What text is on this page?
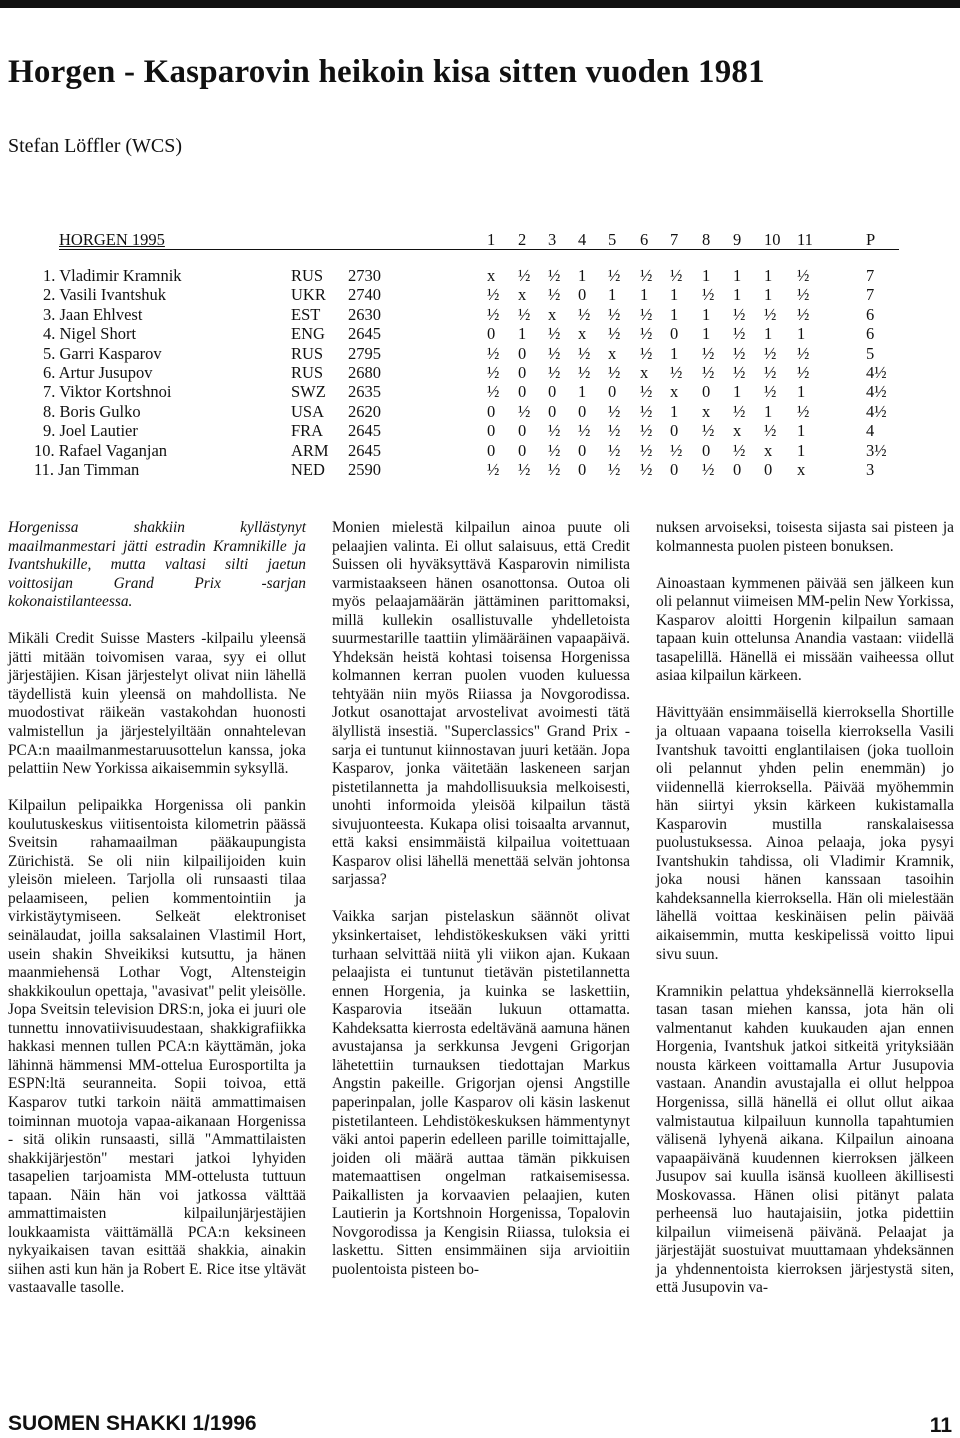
Horgen - Kasparovin heikoin kisa sitten vuoden 1981
Stefan Löffler (WCS)
HORGEN 1995	1 2 3 4 5 6 7 8 9 10 11	P
1. Vladimir Kramnik	RUS 2730	x ½ ½ 1 ½ ½ ½ 1 1 1 ½	7
2. Vasili Ivantshuk	UKR 2740	½ x ½ 0 1 1 1 ½ 1 1 ½	7
3. Jaan Ehlvest	EST 2630	½ ½ x ½ ½ ½ 1 1 ½ ½ ½	6
4. Nigel Short	ENG 2645	0 1 ½ x ½ ½ 0 1 ½ 1 1	6
5. Garri Kasparov	RUS 2795	½ 0 ½ ½ x ½ 1 ½ ½ ½ ½	5
6. Artur Jusupov	RUS 2680	½ 0 ½ ½ ½ x ½ ½ ½ ½ ½	4½
7. Viktor Kortshnoi	SWZ 2635	½ 0 0 1 0 ½ x 0 1 ½ 1	4½
8. Boris Gulko	USA 2620	0 ½ 0 0 ½ ½ 1 x ½ 1 ½	4½
9. Joel Lautier	FRA 2645	0 0 ½ ½ ½ ½ 0 ½ x ½ 1	4
10. Rafael Vaganjan	ARM 2645	0 0 ½ 0 ½ ½ ½ 0 ½ x 1	3½
11. Jan Timman	NED 2590	½ ½ ½ 0 ½ ½ 0 ½ 0 0 x	3

Horgenissa shakkiin kyllästynyt maailmanmestari jätti estradin Kramnikille ja Ivantshukille, mutta valtasi silti jaetun voittosijan Grand Prix -sarjan kokonaistilanteessa.

Mikäli Credit Suisse Masters -kilpailu yleensä jätti mitään toivomisen varaa, syy ei ollut järjestäjien. Kisan järjestelyt olivat niin lähellä täydellistä kuin yleensä on mahdollista. Ne muodostivat räikeän vastakohdan huonosti valmistellun ja järjestelyiltään onnahtelevan PCA:n maailmanmestaruusottelun kanssa, joka pelattiin New Yorkissa aikaisemmin syksyllä.

Kilpailun pelipaikka Horgenissa oli pankin koulutuskeskus viitisentoista kilometrin päässä Sveitsin rahamaailman pääkaupungista Zürichistä. Se oli niin kilpailijoiden kuin yleisön mieleen. Tarjolla oli runsaasti tilaa pelaamiseen, pelien kommentointiin ja virkistäytymiseen. Selkeät elektroniset seinälaudat, joilla saksalainen Vlastimil Hort, usein shakin Shveikiksi kutsuttu, ja hänen maanmiehensä Lothar Vogt, Altensteigin shakkikoulun opettaja, "avasivat" pelit yleisölle. Jopa Sveitsin television DRS:n, joka ei juuri ole tunnettu innovatiivisuudestaan, shakkigrafiikka hakkasi mennen tullen PCA:n käyttämän, joka lähinnä hämmensi MM-ottelua Eurosportilta ja ESPN:ltä seuranneita. Sopii toivoa, että Kasparov tutki tarkoin näitä ammattimaisen toiminnan muotoja vapaa-aikanaan Horgenissa - sitä olikin runsaasti, sillä "Ammattilaisten shakkijärjestön" mestari jatkoi lyhyiden tasapelien tarjoamista MM-ottelusta tuttuun tapaan. Näin hän voi jatkossa välttää ammattimaisten kilpailunjärjestäjien loukkaamista väittämällä PCA:n keksineen nykyaikaisen tavan esittää shakkia, ainakin siihen asti kun hän ja Robert E. Rice itse yltävät vastaavalle tasolle.

Monien mielestä kilpailun ainoa puute oli pelaajien valinta. Ei ollut salaisuus, että Credit Suissen oli hyväksyttävä Kasparovin nimilista varmistaakseen hänen osanottonsa. Outoa oli myös pelaajamäärän jättäminen parittomaksi, millä kullekin osallistuvalle yhdelletoista suurmestarille taattiin ylimääräinen vapaapäivä. Yhdeksän heistä kohtasi toisensa Horgenissa kolmannen kerran puolen vuoden kuluessa tehtyään niin myös Riiassa ja Novgorodissa. Jotkut osanottajat arvostelivat avoimesti tätä älyllistä insestiä. "Superclassics" Grand Prix -sarja ei tuntunut kiinnostavan juuri ketään. Jopa Kasparov, jonka väitetään laskeneen sarjan pistetilannetta ja mahdollisuuksia melkoisesti, unohti informoida yleisöä kilpailun tästä sivujuonteesta. Kukapa olisi toisaalta arvannut, että kaksi ensimmäistä kilpailua voitettuaan Kasparov olisi lähellä menettää selvän johtonsa sarjassa?

Vaikka sarjan pistelaskun säännöt olivat yksinkertaiset, lehdistökeskuksen väki yritti turhaan selvittää niitä yli viikon ajan. Kukaan pelaajista ei tuntunut tietävän pistetilannetta ennen Horgenia, ja kuinka se laskettiin, Kasparovia itseään lukuun ottamatta. Kahdeksatta kierrosta edeltävänä aamuna hänen avustajansa ja serkkunsa Jevgeni Grigorjan lähetettiin turnauksen tiedottajan Markus Angstin pakeille. Grigorjan ojensi Angstille paperinpalan, jolle Kasparov oli käsin laskenut pistetilanteen. Lehdistökeskuksen hämmentynyt väki antoi paperin edelleen parille toimittajalle, joiden oli määrä auttaa tämän pikkuisen matemaattisen ongelman ratkaisemisessa. Paikallisten ja korvaavien pelaajien, kuten Lautierin ja Kortshnoin Horgenissa, Topalovin Novgorodissa ja Kengisin Riiassa, tuloksia ei laskettu. Sitten ensimmäinen sija arvioitiin puolentoista pisteen bo-

nuksen arvoiseksi, toisesta sijasta sai pisteen ja kolmannesta puolen pisteen bonuksen.

Ainoastaan kymmenen päivää sen jälkeen kun oli pelannut viimeisen MM-pelin New Yorkissa, Kasparov aloitti Horgenin kilpailun samaan tapaan kuin ottelunsa Anandia vastaan: viidellä tasapelillä. Hänellä ei missään vaiheessa ollut asiaa kilpailun kärkeen.

Hävittyään ensimmäisellä kierroksella Shortille ja oltuaan vapaana toisella kierroksella Vasili Ivantshuk tavoitti englantilaisen (joka tuolloin oli pelannut yhden pelin enemmän) jo viidennellä kierroksella. Päivää myöhemmin hän siirtyi yksin kärkeen kukistamalla Kasparovin mustilla ranskalaisessa puolustuksessa. Ainoa pelaaja, joka pysyi Ivantshukin tahdissa, oli Vladimir Kramnik, joka nousi hänen kanssaan tasoihin kahdeksannella kierroksella. Hän oli mielestään lähellä voittaa keskinäisen pelin päivää aikaisemmin, mutta keskipelissä voitto lipui sivu suun.

Kramnikin pelattua yhdeksännellä kierroksella tasan tasan miehen kanssa, jota hän oli valmentanut kahden kuukauden ajan ennen Horgenia, Ivantshuk jatkoi sitkeitä yrityksiään nousta kärkeen voittamalla Artur Jusupovia vastaan. Anandin avustajalla ei ollut helppoa Horgenissa, sillä hänellä ei ollut ollut aikaa valmistautua kilpailuun kunnolla tapahtumien välisenä lyhyenä aikana. Kilpailun ainoana vapaapäivänä kuudennen kierroksen jälkeen Jusupov sai kuulla isänsä kuolleen äkillisesti Moskovassa. Hänen olisi pitänyt palata perheensä luo hautajaisiin, jotka pidettiin kilpailun viimeisenä päivänä. Pelaajat ja järjestäjät suostuivat muuttamaan yhdeksännen ja yhdennentoista kierroksen järjestystä siten, että Jusupovin va-

SUOMEN SHAKKI 1/1996	11
